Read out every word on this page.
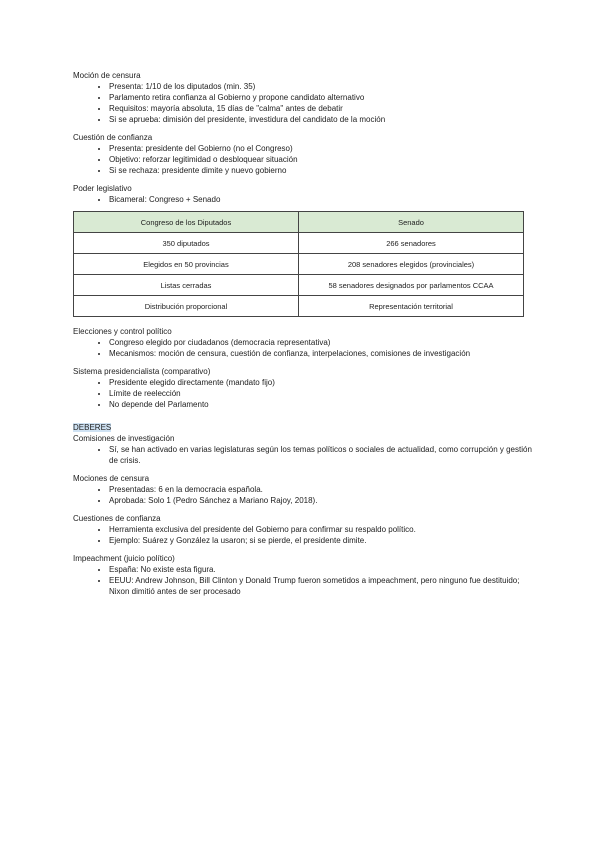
Moción de censura
• Presenta: 1/10 de los diputados (min. 35)
• Parlamento retira confianza al Gobierno y propone candidato alternativo
• Requisitos: mayoría absoluta, 15 días de "calma" antes de debatir
• Si se aprueba: dimisión del presidente, investidura del candidato de la moción
Cuestión de confianza
• Presenta: presidente del Gobierno (no el Congreso)
• Objetivo: reforzar legitimidad o desbloquear situación
• Si se rechaza: presidente dimite y nuevo gobierno
Poder legislativo
• Bicameral: Congreso + Senado
Congreso de los Diputados	Senado
350 diputados	266 senadores
Elegidos en 50 provincias	208 senadores elegidos (provinciales)
Listas cerradas	58 senadores designados por parlamentos CCAA
Distribución proporcional	Representación territorial
Elecciones y control político
• Congreso elegido por ciudadanos (democracia representativa)
• Mecanismos: moción de censura, cuestión de confianza, interpelaciones, comisiones de investigación
Sistema presidencialista (comparativo)
• Presidente elegido directamente (mandato fijo)
• Límite de reelección
• No depende del Parlamento
DEBERES
Comisiones de investigación
• Sí, se han activado en varias legislaturas según los temas políticos o sociales de actualidad, como corrupción y gestión de crisis.
Mociones de censura
• Presentadas: 6 en la democracia española.
• Aprobada: Solo 1 (Pedro Sánchez a Mariano Rajoy, 2018).
Cuestiones de confianza
• Herramienta exclusiva del presidente del Gobierno para confirmar su respaldo político.
• Ejemplo: Suárez y González la usaron; si se pierde, el presidente dimite.
Impeachment (juicio político)
• España: No existe esta figura.
• EEUU: Andrew Johnson, Bill Clinton y Donald Trump fueron sometidos a impeachment, pero ninguno fue destituido; Nixon dimitió antes de ser procesado
